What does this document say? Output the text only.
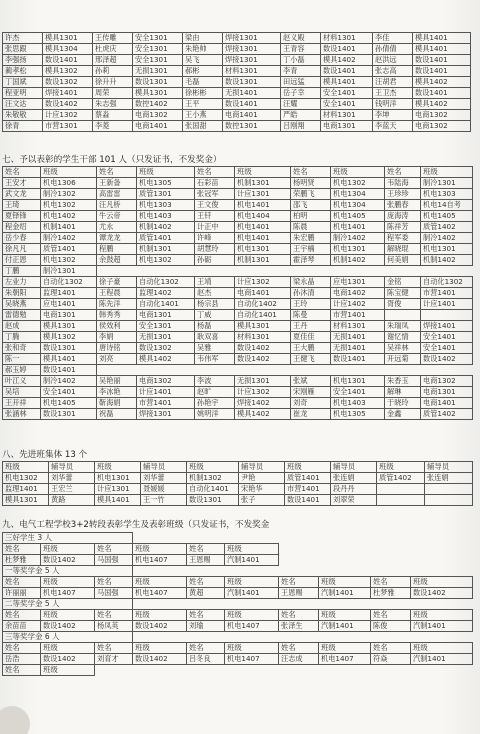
许杰	模具1301	王传雕	安全1301	梁由	焊接1301	赵义殿	材料1301	李佳	模具1401
张思跟	模具1304	杜虎庆	安全1301	朱艳帅	焊接1301	王青容	数设1401	孙倩倩	模具1401
李强扬	数设1401	邢泽超	安全1301	吴飞	焊接1301	丁小磊	模具1402	赵洪远	数设1401
蔺孝松	模具1302	孙莉	无损1301	郝彬	材料1301	李青	数设1401	张志高	数设1401
丁国斌	数设1302	徐升升	数设1301	毛磊	数设1301	田远猛	模具1401	汪胡君	模具1402
程亚明	焊接1401	周荣	模具1301	徐彬彬	无损1401	岳子幸	安全1401	王卫杰	数设1401
汪文达	数设1402	朱志强	数控1402	王平	数设1401	汪耀	安全1401	钱明洋	模具1402
朱敬敬	计应1302	蔡淼	电商1302	王小燕	电商1401	严皓	材料1301	李坤	电商1302
徐青	市营1301	李菱	电商1401	张国甜	数控1301	吕刚翔	电商1301	李蓝天	电商1302
七、予以表彰的学生干部 101 人（只发证书，不发奖金）
姓名	班级	姓名	班级	姓名	班级	姓名	班级	姓名	班级
王安才	机电1306	王新备	机电1305	石彩苗	机制1301	杨明贤	机电1302	韦陆海	制冷1301
武文龙	制冷1302	高雷雷	质管1301	张冠军	计应1301	荣鹏飞	机电1304	王珍珍	机电1303
王琦	机电1302	汪凡桥	机电1303	王文俊	机电1401	邵飞	机电1304	张鹏春	机电14自考
夏铎锋	机电1402	牛云帝	机电1403	王钎	机电1404	柏明	机电1405	庞海涛	机电1405
程金绍	机制1401	尤永	机制1402	计正中	机电1401	陈晨	机电1401	陈祥芳	质管1402
岳少春	制冷1402	谭龙龙	质管1401	许峰	机电1401	朱宏鹏	制冷1402	程军委	制冷1402
徐凡凡	质管1401	程鹏	机制1301	胡慧玲	机电1301	王宇楠	机电1301	解晓琨	机电1301
付正恩	机电1302	余鼓超	机电1302	孙砺	机制1301	霍泽琴	机制1402	何美娟	机制1402
丁鹏	制冷1301								
左业力	自动化1302	徐子豪	自动化1302	王靖	计应1302	梁永晶	应电1301	金铭	自动化1302
朱朝阳	监理1401	王程晨	监理1402	赵杰	电商1401	孙沐清	电商1402	陈宝健	市营1401
吴晓燕	应电1401	陈先洋	自动化1401	杨宗县	自动化1402	王玲	计应1402	胥俊	计应1401
雷德勉	电商1301	韩秀秀	电商1301	丁威	自动化1401	陈曼	市营1401		
赵成	模具1301	侯效利	安全1301	杨磊	模具1301	王丹	材料1301	朱瑞凤	焊接1401
丁腾	模具1302	李娟	无损1301	耿双喜	材料1301	夏佳佳	无损1401	谢忆情	安全1401
张和奇	数设1301	唐诗铭	数设1302	吴雅	数设1402	王大鹏	无损1401	吴祥林	安全1401
陈一	模具1401	刘亮	模具1402	韦伟军	数设1402	王健飞	数设1401	开远菊	数设1402
郝玉婷	数设1401								
叶江义	制冷1402	吴艳丽	电商1302	李波	无损1301	张斌	机电1301	朱香玉	电商1302
吴培	安全1401	李冰艳	计应1401	赵旷	计应1302	宋刚雁	安全1401	解琳	电商1301
王开祥	机电1405	靳海娟	市营1401	孙艳宇	焊接1402	刘奇	机电1403	于晓玲	电商1401
张涵林	数设1301	祝磊	焊接1301	姚明洋	模具1402	崔龙	机电1305	金鑫	质管1402
八、先进班集体 13 个
班级	辅导员	班级	辅导员	班级	辅导员	班级	辅导员	班级	辅导员
机电1302	刘华蕾	机电1301	刘华蕾	机制1302	尹艳	质管1401	张连娟	质管1402	张连娟
监理1401	王宏兰	计应1301	聂媛媛	自动化1401	宋艳华	市营1401	段丹丹		
模具1301	黄路	模具1401	王一竹	数设1301	张子	数设1401	刘翠荣		
九、电气工程学校3+2转段表彰学生及表彰班级（只发证书，不发奖金
三好学生 3 人									
姓名	班级	姓名	班级	姓名	班级				
杜梦雅	数设1402	马国强	机电1407	王恩赐	汽制1401				
一等奖学金 5 人									
姓名	班级	姓名	班级	姓名	班级	姓名	班级	姓名	班级
许丽丽	机电1407	马国强	机电1407	黄超	汽制1401	王恩赐	汽制1401	杜梦雅	数设1402
二等奖学金 5 人									
姓名	班级	姓名	班级	姓名	班级	姓名	班级	姓名	班级
余苗苗	数设1402	杨凤英	数设1402	刘瑜	机电1407	张泽生	汽制1401	陈俊	汽制1401
三等奖学金 6 人									
姓名	班级	姓名	班级	姓名	班级	姓名	班级	姓名	班级
岳浩	数设1402	刘育才	数设1402	吕冬良	机电1407	汪志成	机电1407	符焱	汽制1401
姓名	班级								
